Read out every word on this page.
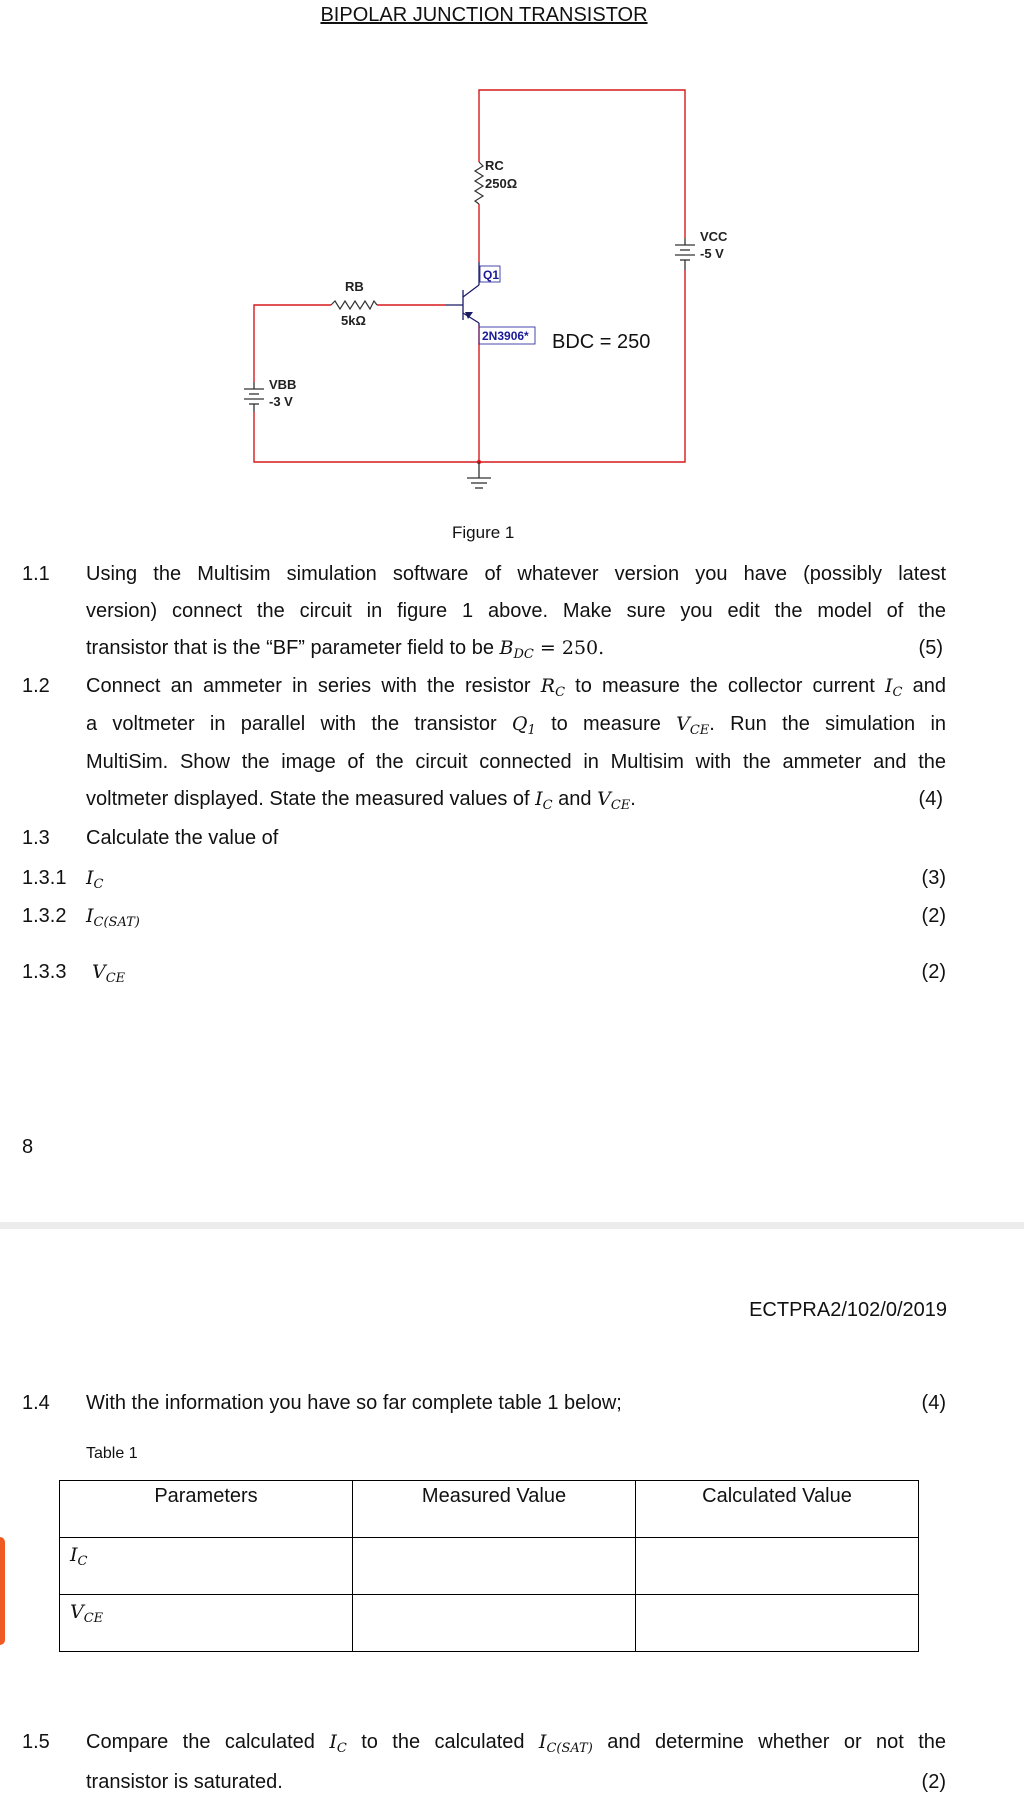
BIPOLAR JUNCTION TRANSISTOR
RC
250Ω
VCC
-5 V
Q1
RB
5kΩ
2N3906* BDC = 250
VBB
-3 V
Figure 1
1.1 Using the Multisim simulation software of whatever version you have (possibly latest
version) connect the circuit in figure 1 above. Make sure you edit the model of the
transistor that is the “BF” parameter field to be $B_{DC} = 250$.	(5)
1.2 Connect an ammeter in series with the resistor $R_C$ to measure the collector current $I_C$ and
a voltmeter in parallel with the transistor $Q_1$ to measure $V_{CE}$. Run the simulation in
MultiSim. Show the image of the circuit connected in Multisim with the ammeter and the
voltmeter displayed. State the measured values of $I_C$ and $V_{CE}$.	(4)
1.3 Calculate the value of
1.3.1 $I_C$	(3)
1.3.2 $I_{C(SAT)}$	(2)
1.3.3 $V_{CE}$	(2)
8
ECTPRA2/102/0/2019
1.4 With the information you have so far complete table 1 below;	(4)
Table 1
Parameters	Measured Value	Calculated Value
$I_C$		
$V_{CE}$		
1.5 Compare the calculated $I_C$ to the calculated $I_{C(SAT)}$ and determine whether or not the
transistor is saturated.	(2)
